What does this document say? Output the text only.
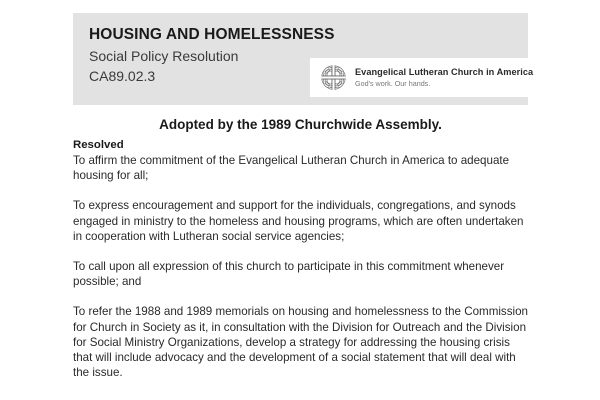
HOUSING AND HOMELESSNESS
Social Policy Resolution
CA89.02.3	Evangelical Lutheran Church in America
God's work. Our hands.
Adopted by the 1989 Churchwide Assembly.
Resolved

To affirm the commitment of the Evangelical Lutheran Church in America to adequate housing for all;

To express encouragement and support for the individuals, congregations, and synods engaged in ministry to the homeless and housing programs, which are often undertaken in cooperation with Lutheran social service agencies;

To call upon all expression of this church to participate in this commitment whenever possible; and

To refer the 1988 and 1989 memorials on housing and homelessness to the Commission for Church in Society as it, in consultation with the Division for Outreach and the Division for Social Ministry Organizations, develop a strategy for addressing the housing crisis that will include advocacy and the development of a social statement that will deal with the issue.
